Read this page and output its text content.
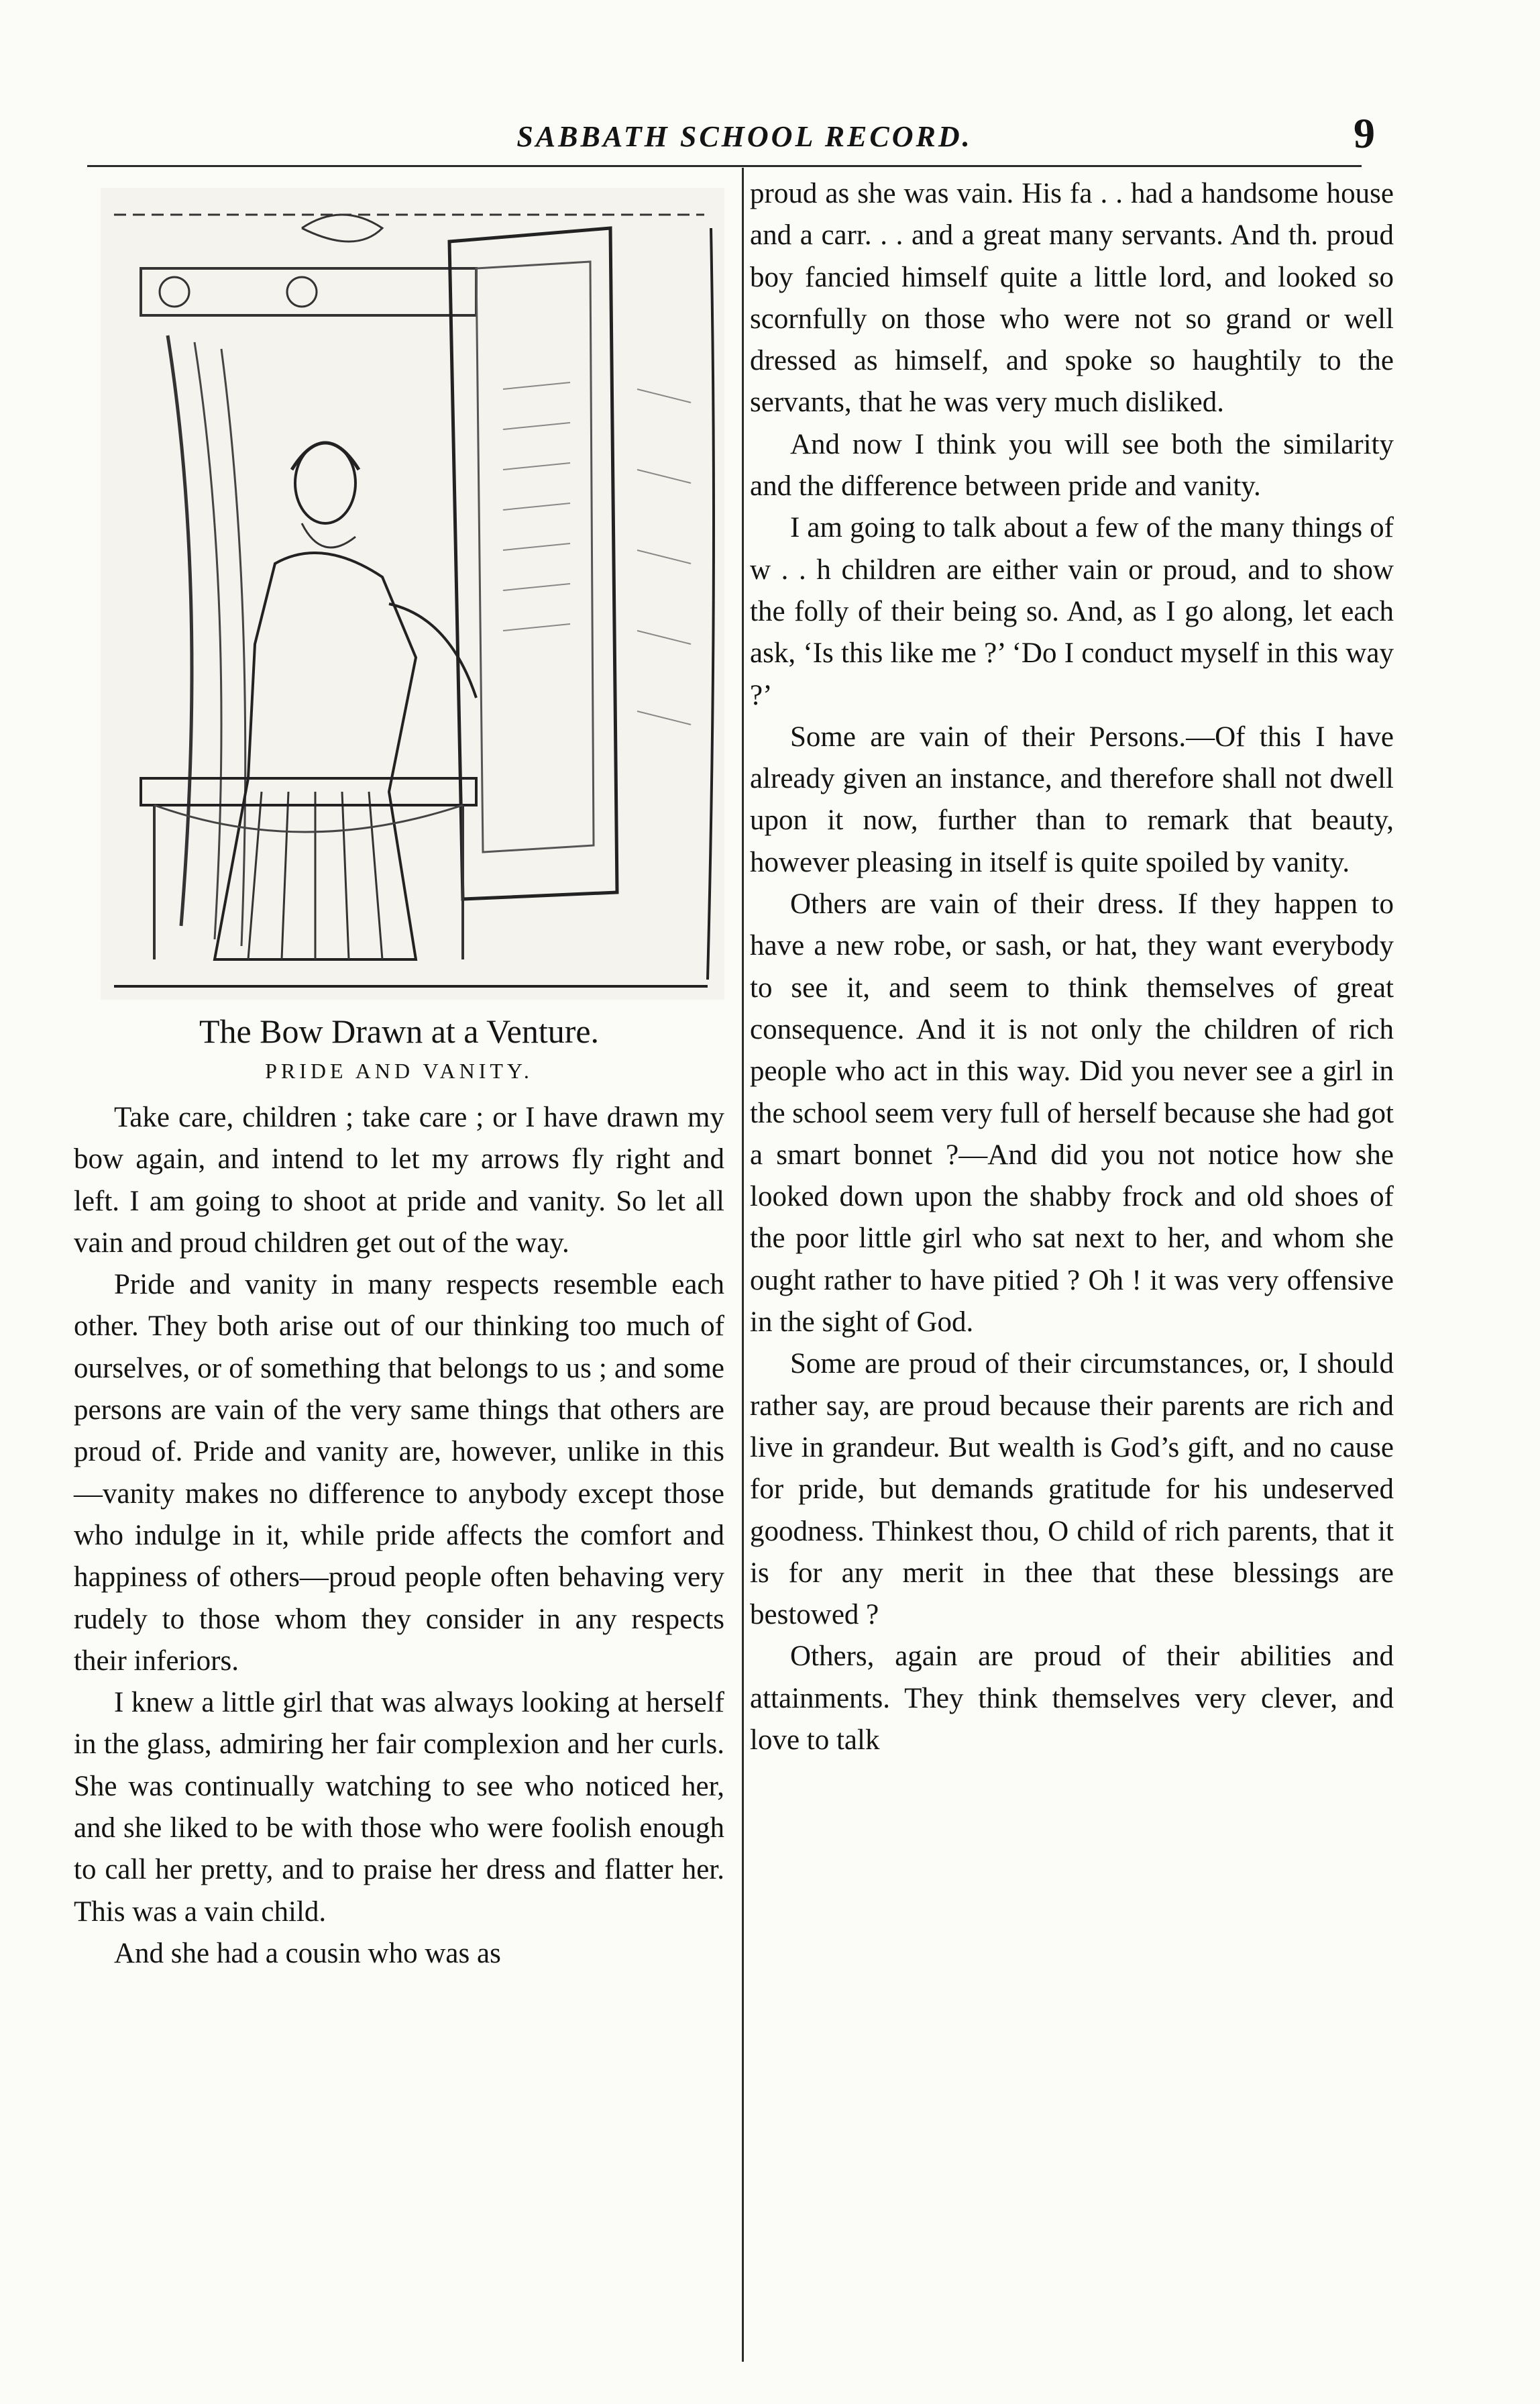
SABBATH SCHOOL RECORD.	9
The Bow Drawn at a Venture.
PRIDE AND VANITY.

Take care, children ; take care ; or I have drawn my bow again, and intend to let my arrows fly right and left. I am going to shoot at pride and vanity. So let all vain and proud children get out of the way.

Pride and vanity in many respects resemble each other. They both arise out of our thinking too much of ourselves, or of something that belongs to us ; and some persons are vain of the very same things that others are proud of. Pride and vanity are, however, unlike in this—vanity makes no difference to anybody except those who indulge in it, while pride affects the comfort and happiness of others—proud people often behaving very rudely to those whom they consider in any respects their inferiors.

I knew a little girl that was always looking at herself in the glass, admiring her fair complexion and her curls. She was continually watching to see who noticed her, and she liked to be with those who were foolish enough to call her pretty, and to praise her dress and flatter her. This was a vain child.

And she had a cousin who was as

proud as she was vain. His fa . . had a handsome house and a carr. . . and a great many servants. And th. proud boy fancied himself quite a little lord, and looked so scornfully on those who were not so grand or well dressed as himself, and spoke so haughtily to the servants, that he was very much disliked.

And now I think you will see both the similarity and the difference between pride and vanity.

I am going to talk about a few of the many things of w . . h children are either vain or proud, and to show the folly of their being so. And, as I go along, let each ask, ‘Is this like me ?’ ‘Do I conduct myself in this way ?’

Some are vain of their Persons.—Of this I have already given an instance, and therefore shall not dwell upon it now, further than to remark that beauty, however pleasing in itself is quite spoiled by vanity.

Others are vain of their dress. If they happen to have a new robe, or sash, or hat, they want everybody to see it, and seem to think themselves of great consequence. And it is not only the children of rich people who act in this way. Did you never see a girl in the school seem very full of herself because she had got a smart bonnet ?—And did you not notice how she looked down upon the shabby frock and old shoes of the poor little girl who sat next to her, and whom she ought rather to have pitied ? Oh ! it was very offensive in the sight of God.

Some are proud of their circumstances, or, I should rather say, are proud because their parents are rich and live in grandeur. But wealth is God’s gift, and no cause for pride, but demands gratitude for his undeserved goodness. Thinkest thou, O child of rich parents, that it is for any merit in thee that these blessings are bestowed ?

Others, again are proud of their abilities and attainments. They think themselves very clever, and love to talk
